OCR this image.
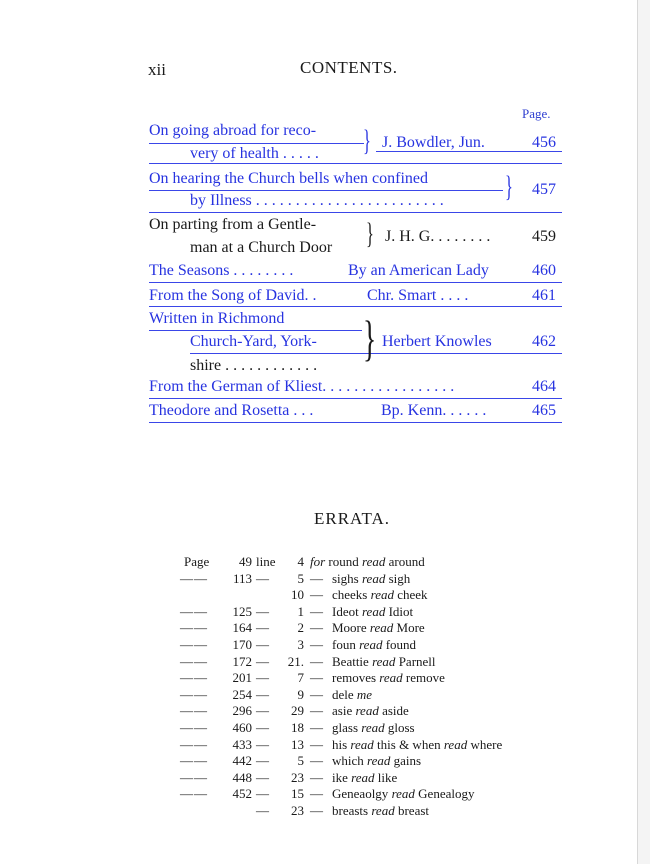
xii	CONTENTS.
Page.
On going abroad for reco-
very of health . . . . . } J. Bowdler, Jun.	456
On hearing the Church bells when confined
by Illness . . . . . . . . . . . . . . . . . . . . . . . . } 457
On parting from a Gentle-
man at a Church Door } J. H. G. . . . . . . .	459
The Seasons . . . . . . . .	By an American Lady	460
From the Song of David. .	Chr. Smart . . . .	461
Written in Richmond
Church-Yard, York-
shire . . . . . . . . . . . . } Herbert Knowles	462
From the German of Kliest. . . . . . . . . . . . . . . . .	464
Theodore and Rosetta . . .	Bp. Kenn. . . . . .	465
ERRATA.
Page	49 line	4 for round read around
— —	113 —	5 — sighs read sigh
10 — cheeks read cheek
— —	125 —	1 — Ideot read Idiot
— —	164 —	2 — Moore read More
— —	170 —	3 — foun read found
— —	172 — 21. — Beattie read Parnell
— —	201 —	7 — removes read remove
— —	254 —	9 — dele me
— —	296 —	29 — asie read aside
— —	460 —	18 — glass read gloss
— —	433 —	13 — his read this & when read where
— —	442 —	5 — which read gains
— —	448 —	23 — ike read like
— —	452 —	15 — Geneaolgy read Genealogy
—	23 — breasts read breast
